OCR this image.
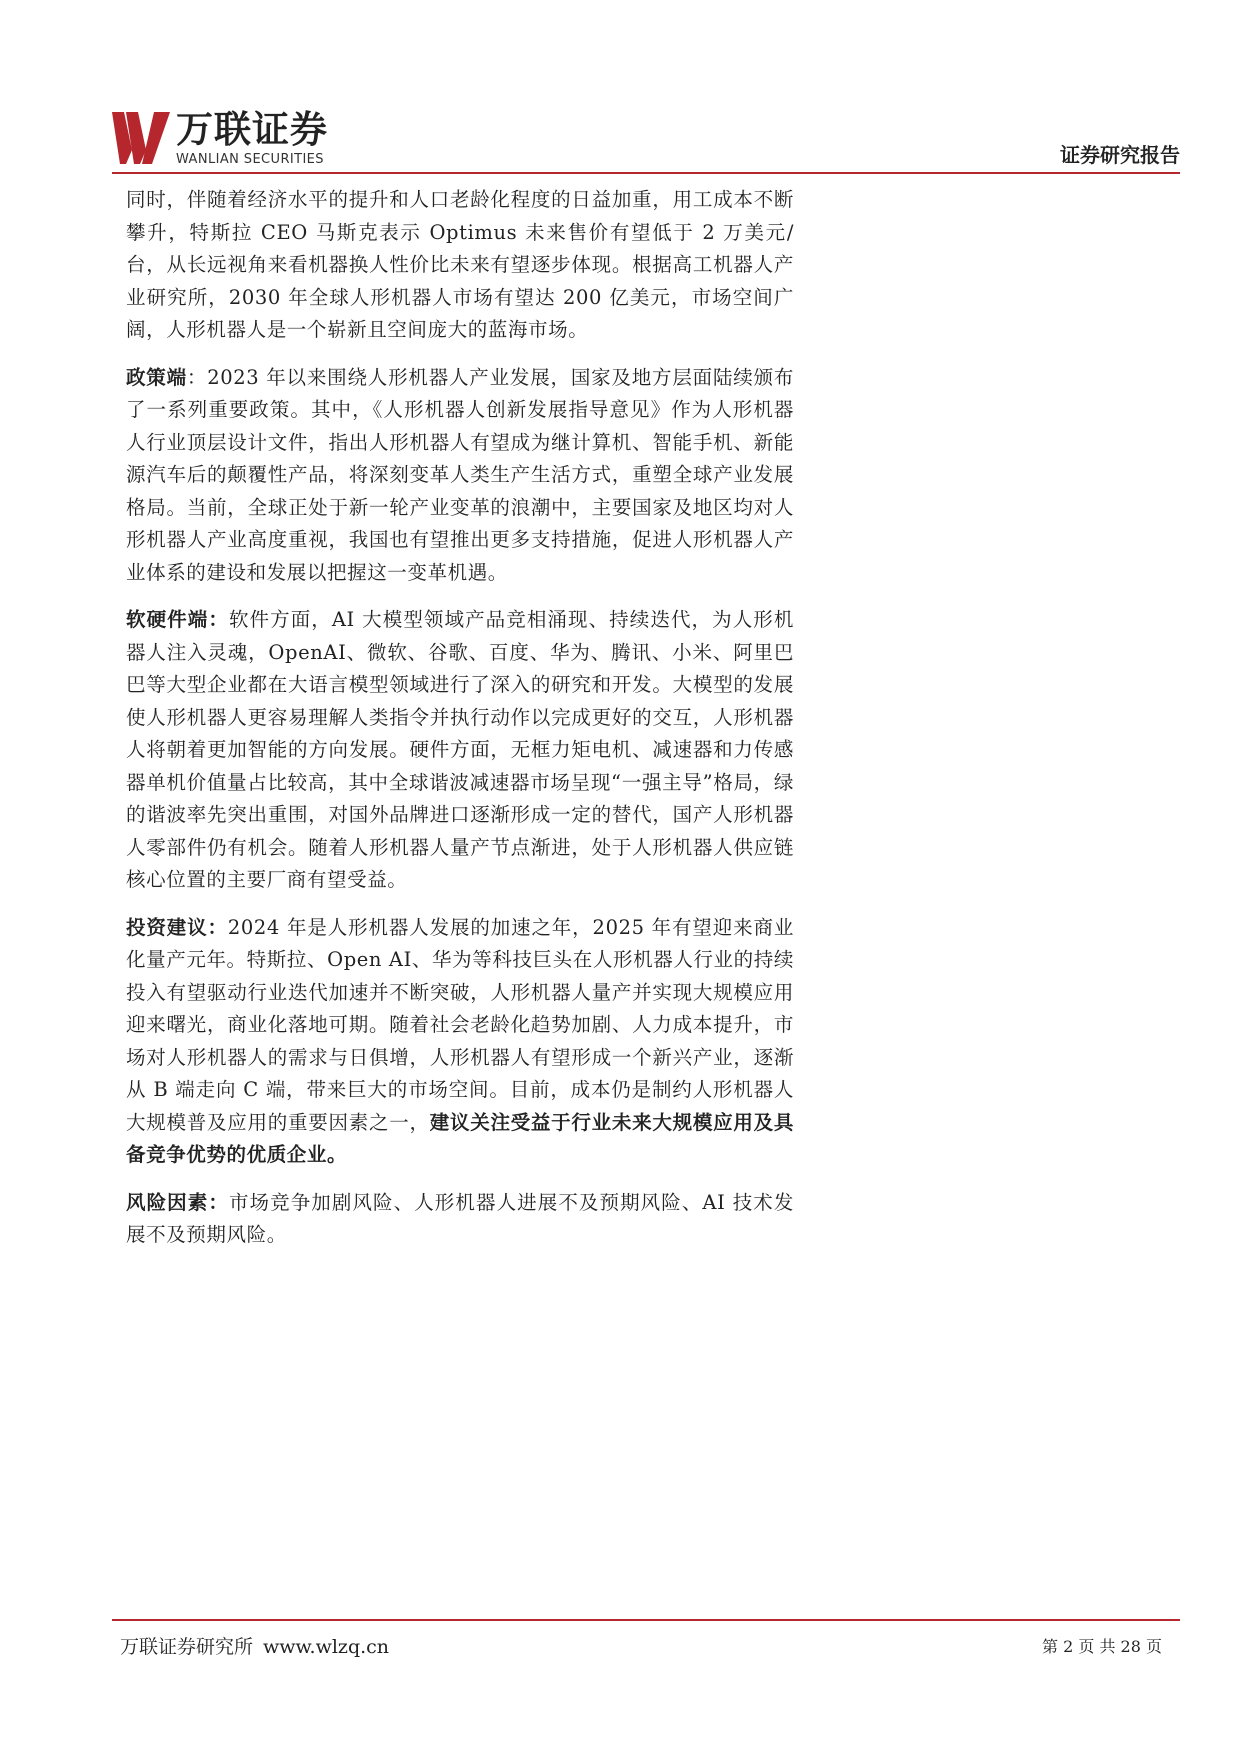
万联证券
WANLIAN SECURITIES	证券研究报告

同时，伴随着经济水平的提升和人口老龄化程度的日益加重，用工成本不断攀升，特斯拉 CEO 马斯克表示 Optimus 未来售价有望低于 2 万美元/台，从长远视角来看机器换人性价比未来有望逐步体现。根据高工机器人产业研究所，2030 年全球人形机器人市场有望达 200 亿美元，市场空间广阔，人形机器人是一个崭新且空间庞大的蓝海市场。

政策端：2023 年以来围绕人形机器人产业发展，国家及地方层面陆续颁布了一系列重要政策。其中，《人形机器人创新发展指导意见》作为人形机器人行业顶层设计文件，指出人形机器人有望成为继计算机、智能手机、新能源汽车后的颠覆性产品，将深刻变革人类生产生活方式，重塑全球产业发展格局。当前，全球正处于新一轮产业变革的浪潮中，主要国家及地区均对人形机器人产业高度重视，我国也有望推出更多支持措施，促进人形机器人产业体系的建设和发展以把握这一变革机遇。

软硬件端：软件方面，AI 大模型领域产品竞相涌现、持续迭代，为人形机器人注入灵魂，OpenAI、微软、谷歌、百度、华为、腾讯、小米、阿里巴巴等大型企业都在大语言模型领域进行了深入的研究和开发。大模型的发展使人形机器人更容易理解人类指令并执行动作以完成更好的交互，人形机器人将朝着更加智能的方向发展。硬件方面，无框力矩电机、减速器和力传感器单机价值量占比较高，其中全球谐波减速器市场呈现“一强主导”格局，绿的谐波率先突出重围，对国外品牌进口逐渐形成一定的替代，国产人形机器人零部件仍有机会。随着人形机器人量产节点渐进，处于人形机器人供应链核心位置的主要厂商有望受益。

投资建议：2024 年是人形机器人发展的加速之年，2025 年有望迎来商业化量产元年。特斯拉、Open AI、华为等科技巨头在人形机器人行业的持续投入有望驱动行业迭代加速并不断突破，人形机器人量产并实现大规模应用迎来曙光，商业化落地可期。随着社会老龄化趋势加剧、人力成本提升，市场对人形机器人的需求与日俱增，人形机器人有望形成一个新兴产业，逐渐从 B 端走向 C 端，带来巨大的市场空间。目前，成本仍是制约人形机器人大规模普及应用的重要因素之一，建议关注受益于行业未来大规模应用及具备竞争优势的优质企业。

风险因素：市场竞争加剧风险、人形机器人进展不及预期风险、AI 技术发展不及预期风险。

万联证券研究所 www.wlzq.cn	第 2 页 共 28 页
